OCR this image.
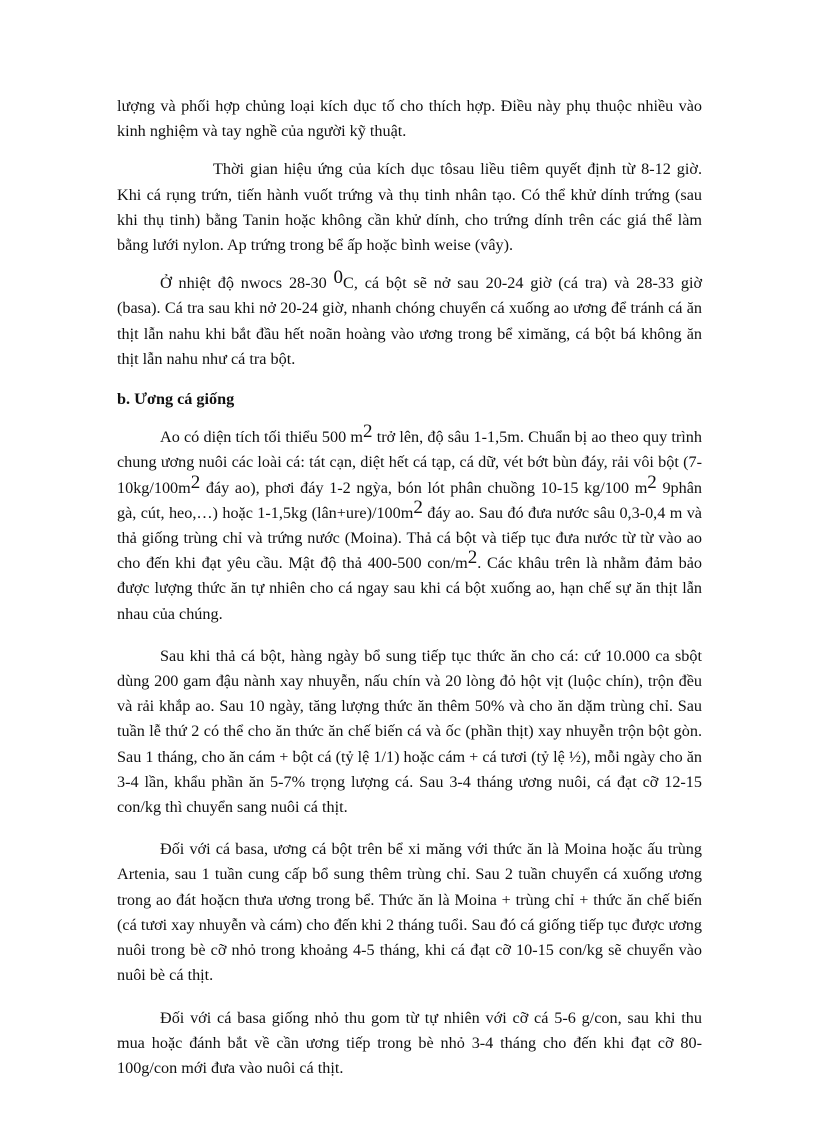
lượng và phối hợp chủng loại kích dục tố cho thích hợp. Điều này phụ thuộc nhiều vào kinh nghiệm và tay nghề của người kỹ thuật.

Thời gian hiệu ứng của kích dục tôsau liều tiêm quyết định từ 8-12 giờ. Khi cá rụng trứn, tiến hành vuốt trứng và thụ tinh nhân tạo. Có thể khử dính trứng (sau khi thụ tinh) bằng Tanin hoặc không cần khử dính, cho trứng dính trên các giá thể làm bằng lưới nylon. Ap trứng trong bể ấp hoặc bình weise (vây).

Ở nhiệt độ nwocs 28-30 0C, cá bột sẽ nở sau 20-24 giờ (cá tra) và 28-33 giờ (basa). Cá tra sau khi nở 20-24 giờ, nhanh chóng chuyển cá xuống ao ương để tránh cá ăn thịt lẫn nahu khi bắt đầu hết noãn hoàng vào ương trong bể ximăng, cá bột bá không ăn thịt lẫn nahu như cá tra bột.

b. Ương cá giống

Ao có diện tích tối thiểu 500 m2 trở lên, độ sâu 1-1,5m. Chuẩn bị ao theo quy trình chung ương nuôi các loài cá: tát cạn, diệt hết cá tạp, cá dữ, vét bớt bùn đáy, rải vôi bột (7-10kg/100m2 đáy ao), phơi đáy 1-2 ngỳa, bón lót phân chuồng 10-15 kg/100 m2 9phân gà, cút, heo,…) hoặc 1-1,5kg (lân+ure)/100m2 đáy ao. Sau đó đưa nước sâu 0,3-0,4 m và thả giống trùng chỉ và trứng nước (Moina). Thả cá bột và tiếp tục đưa nước từ từ vào ao cho đến khi đạt yêu cầu. Mật độ thả 400-500 con/m2. Các khâu trên là nhằm đảm bảo được lượng thức ăn tự nhiên cho cá ngay sau khi cá bột xuống ao, hạn chế sự ăn thịt lẫn nhau của chúng.

Sau khi thả cá bột, hàng ngày bổ sung tiếp tục thức ăn cho cá: cứ 10.000 ca sbột dùng 200 gam đậu nành xay nhuyễn, nấu chín và 20 lòng đỏ hột vịt (luộc chín), trộn đều và rải khắp ao. Sau 10 ngày, tăng lượng thức ăn thêm 50% và cho ăn dặm trùng chỉ. Sau tuần lễ thứ 2 có thể cho ăn thức ăn chế biến cá và ốc (phần thịt) xay nhuyễn trộn bột gòn. Sau 1 tháng, cho ăn cám + bột cá (tỷ lệ 1/1) hoặc cám + cá tươi (tỷ lệ ½), mỗi ngày cho ăn 3-4 lần, khẩu phần ăn 5-7% trọng lượng cá. Sau 3-4 tháng ương nuôi, cá đạt cỡ 12-15 con/kg thì chuyển sang nuôi cá thịt.

Đối với cá basa, ương cá bột trên bể xi măng với thức ăn là Moina hoặc ấu trùng Artenia, sau 1 tuần cung cấp bổ sung thêm trùng chỉ. Sau 2 tuần chuyển cá xuống ương trong ao đát hoặcn thưa ương trong bể. Thức ăn là Moina + trùng chỉ + thức ăn chế biến (cá tươi xay nhuyễn và cám) cho đến khi 2 tháng tuổi. Sau đó cá giống tiếp tục được ương nuôi trong bè cỡ nhỏ trong khoảng 4-5 tháng, khi cá đạt cỡ 10-15 con/kg sẽ chuyển vào nuôi bè cá thịt.

Đối với cá basa giống nhỏ thu gom từ tự nhiên với cỡ cá 5-6 g/con, sau khi thu mua hoặc đánh bắt về cần ương tiếp trong bè nhỏ 3-4 tháng cho đến khi đạt cỡ 80-100g/con mới đưa vào nuôi cá thịt.
